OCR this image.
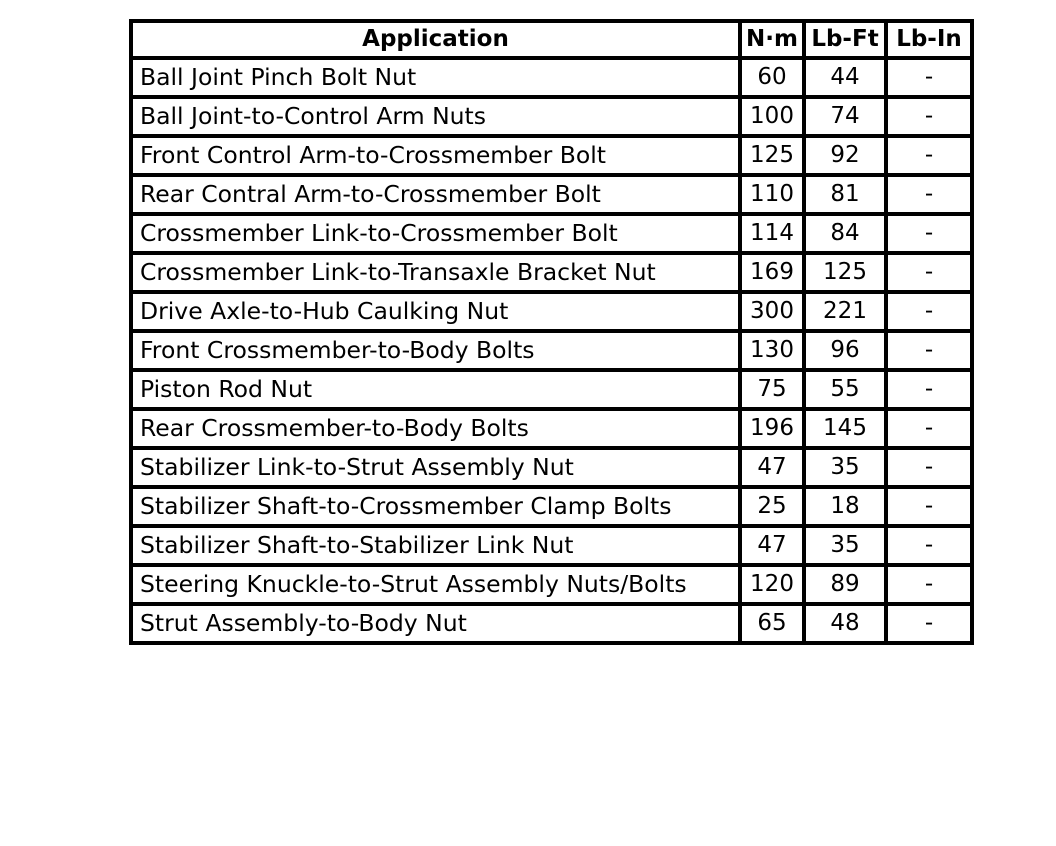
Application	N·m	Lb-Ft	Lb-In
Ball Joint Pinch Bolt Nut	60	44	-
Ball Joint-to-Control Arm Nuts	100	74	-
Front Control Arm-to-Crossmember Bolt	125	92	-
Rear Contral Arm-to-Crossmember Bolt	110	81	-
Crossmember Link-to-Crossmember Bolt	114	84	-
Crossmember Link-to-Transaxle Bracket Nut	169	125	-
Drive Axle-to-Hub Caulking Nut	300	221	-
Front Crossmember-to-Body Bolts	130	96	-
Piston Rod Nut	75	55	-
Rear Crossmember-to-Body Bolts	196	145	-
Stabilizer Link-to-Strut Assembly Nut	47	35	-
Stabilizer Shaft-to-Crossmember Clamp Bolts	25	18	-
Stabilizer Shaft-to-Stabilizer Link Nut	47	35	-
Steering Knuckle-to-Strut Assembly Nuts/Bolts	120	89	-
Strut Assembly-to-Body Nut	65	48	-
